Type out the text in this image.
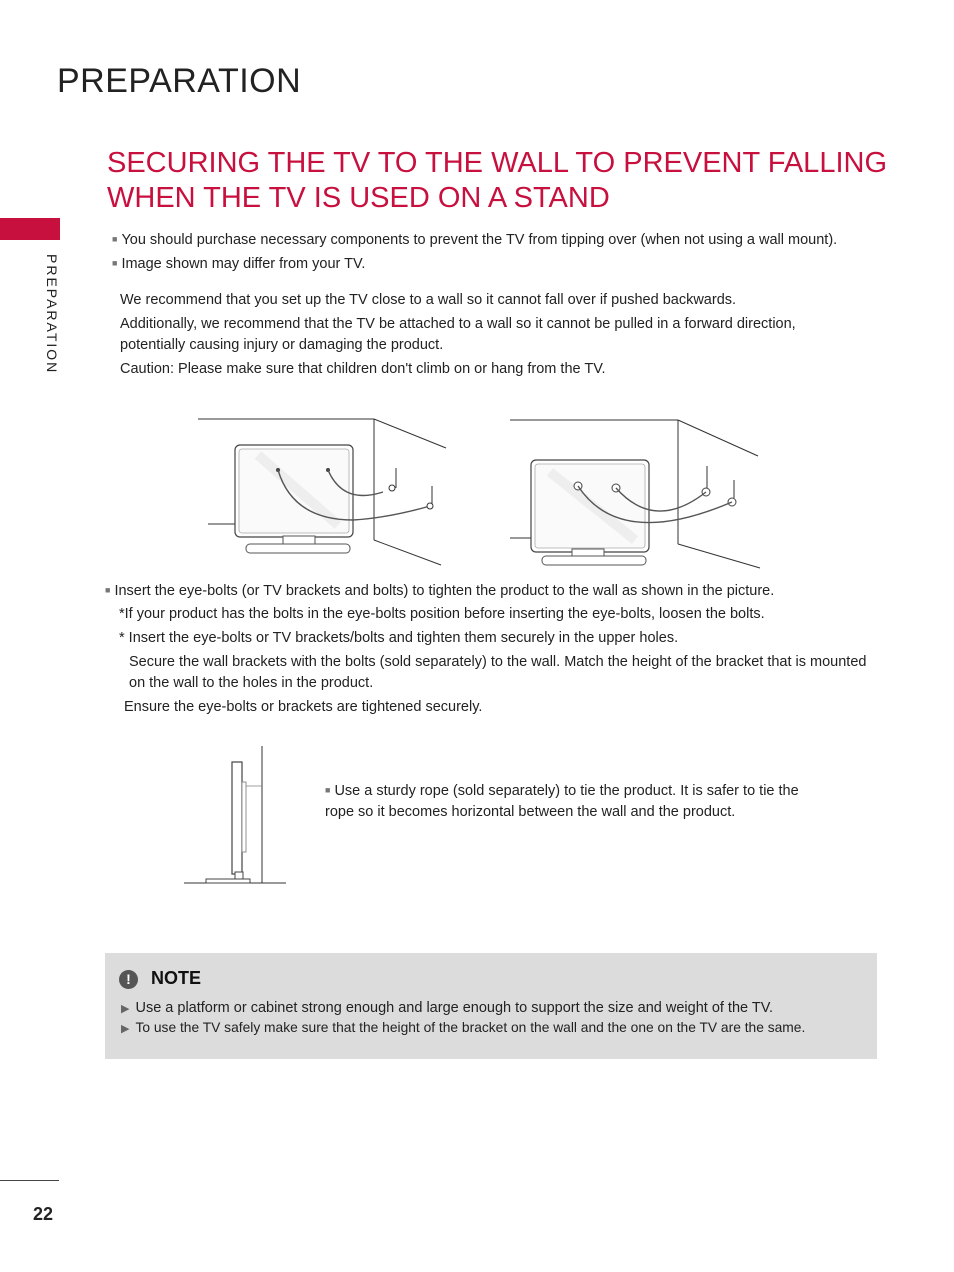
PREPARATION
PREPARATION
SECURING THE TV TO THE WALL TO PREVENT FALLING
WHEN THE TV IS USED ON A STAND
■ You should purchase necessary components to prevent the TV from tipping over (when not using a wall mount).
■ Image shown may differ from your TV.
We recommend that you set up the TV close to a wall so it cannot fall over if pushed backwards.
Additionally, we recommend that the TV be attached to a wall so it cannot be pulled in a forward direction, potentially causing injury or damaging the product.
Caution: Please make sure that children don't climb on or hang from the TV.
■ Insert the eye-bolts (or TV brackets and bolts) to tighten the product to the wall as shown in the picture.
*If your product has the bolts in the eye-bolts position before inserting the eye-bolts, loosen the bolts.
* Insert the eye-bolts or TV brackets/bolts and tighten them securely in the upper holes.
Secure the wall brackets with the bolts (sold separately) to the wall. Match the height of the bracket that is mounted on the wall to the holes in the product.
Ensure the eye-bolts or brackets are tightened securely.
■ Use a sturdy rope (sold separately) to tie the product. It is safer to tie the rope so it becomes horizontal between the wall and the product.
!	NOTE
▶ Use a platform or cabinet strong enough and large enough to support the size and weight of the TV.
▶ To use the TV safely make sure that the height of the bracket on the wall and the one on the TV are the same.
22
